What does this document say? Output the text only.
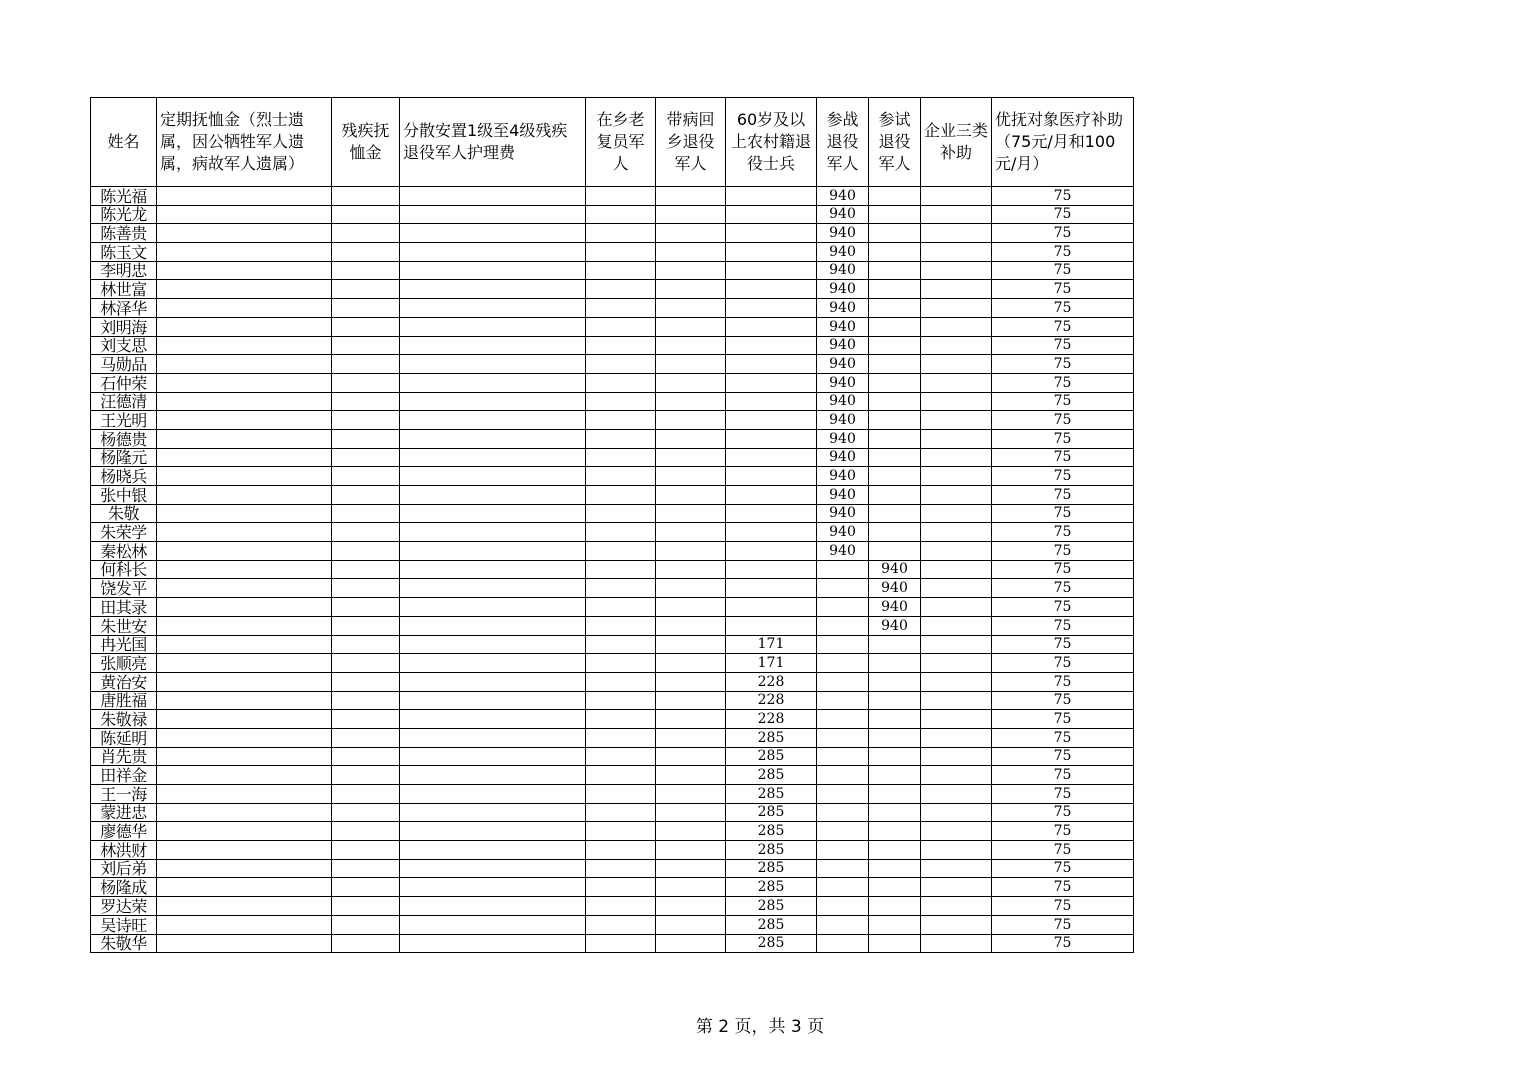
姓名	定期抚恤金（烈士遗属，因公牺牲军人遗属，病故军人遗属）	残疾抚恤金	分散安置1级至4级残疾退役军人护理费	在乡老复员军人	带病回乡退役军人	60岁及以上农村籍退役士兵	参战退役军人	参试退役军人	企业三类补助	优抚对象医疗补助（75元/月和100元/月）
陈光福							940			75
陈光龙							940			75
陈善贵							940			75
陈玉文							940			75
李明忠							940			75
林世富							940			75
林泽华							940			75
刘明海							940			75
刘支思							940			75
马勋品							940			75
石仲荣							940			75
汪德清							940			75
王光明							940			75
杨德贵							940			75
杨隆元							940			75
杨晓兵							940			75
张中银							940			75
朱敬							940			75
朱荣学							940			75
秦松林							940			75
何科长								940		75
饶发平								940		75
田其录								940		75
朱世安								940		75
冉光国						171				75
张顺亮						171				75
黄治安						228				75
唐胜福						228				75
朱敬禄						228				75
陈延明						285				75
肖先贵						285				75
田祥金						285				75
王一海						285				75
蒙进忠						285				75
廖德华						285				75
林洪财						285				75
刘后弟						285				75
杨隆成						285				75
罗达荣						285				75
吴诗旺						285				75
朱敬华						285				75
第 2 页，共 3 页
